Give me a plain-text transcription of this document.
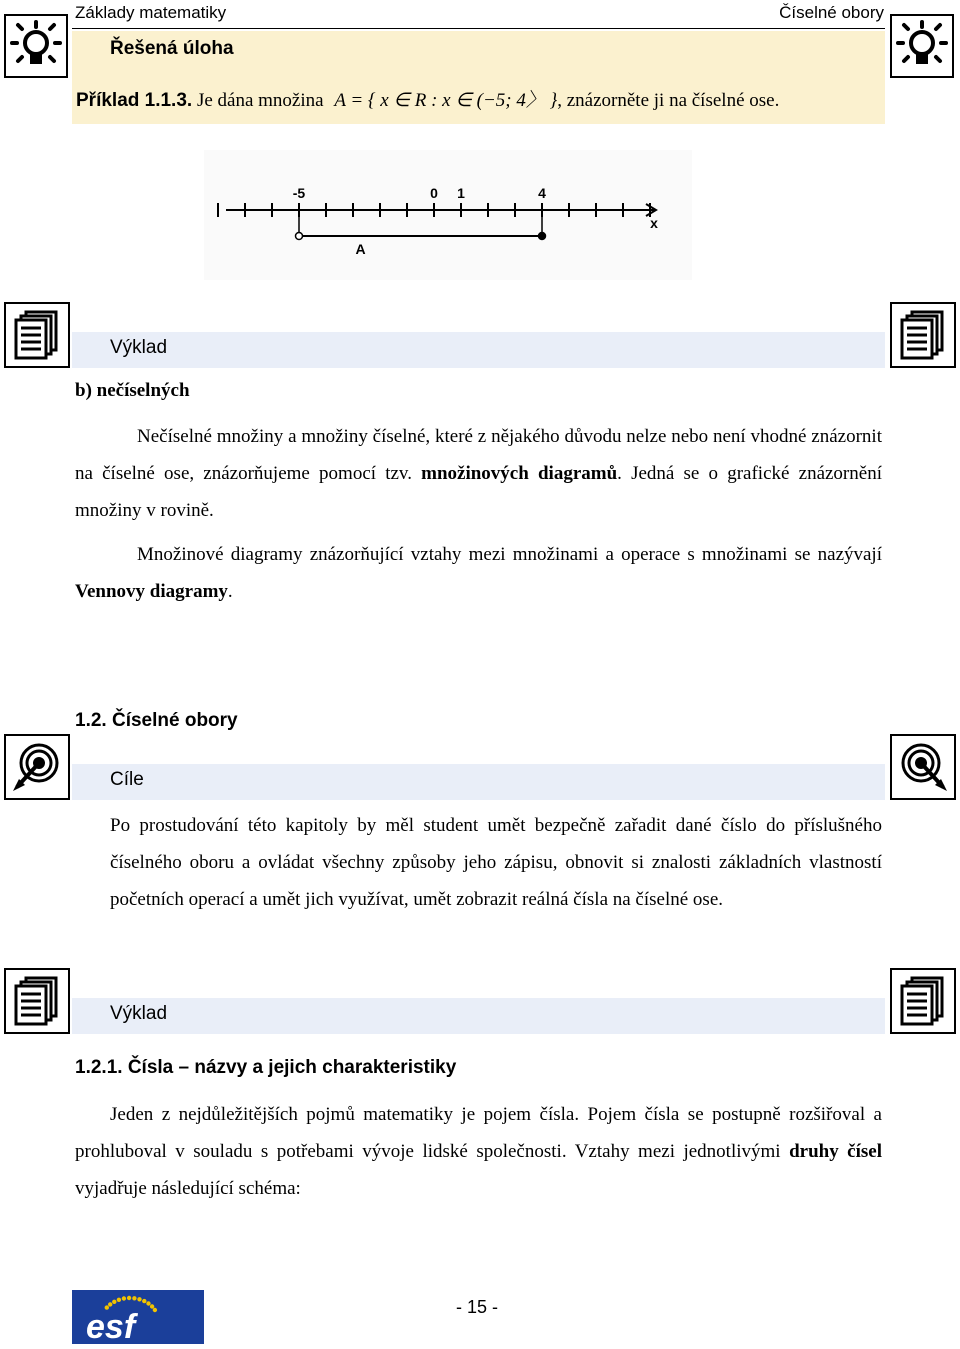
Základy matematiky	Číselné obory
Řešená úloha
Příklad 1.1.3. Je dána množina A = { x ∈ R : x ∈ (−5; 4〉 }, znázorněte ji na číselné ose.
-5	0 1	4
x
A
Výklad
b) nečíselných
Nečíselné množiny a množiny číselné, které z nějakého důvodu nelze nebo není vhodné znázornit na číselné ose, znázorňujeme pomocí tzv. množinových diagramů. Jedná se o grafické znázornění množiny v rovině.
Množinové diagramy znázorňující vztahy mezi množinami a operace s množinami se nazývají Vennovy diagramy.
1.2. Číselné obory
Cíle
Po prostudování této kapitoly by měl student umět bezpečně zařadit dané číslo do příslušného číselného oboru a ovládat všechny způsoby jeho zápisu, obnovit si znalosti základních vlastností početních operací a umět jich využívat, umět zobrazit reálná čísla na číselné ose.
Výklad
1.2.1. Čísla – názvy a jejich charakteristiky
Jeden z nejdůležitějších pojmů matematiky je pojem čísla. Pojem čísla se postupně rozšiřoval a prohluboval v souladu s potřebami vývoje lidské společnosti. Vztahy mezi jednotlivými druhy čísel vyjadřuje následující schéma:
esf
- 15 -
